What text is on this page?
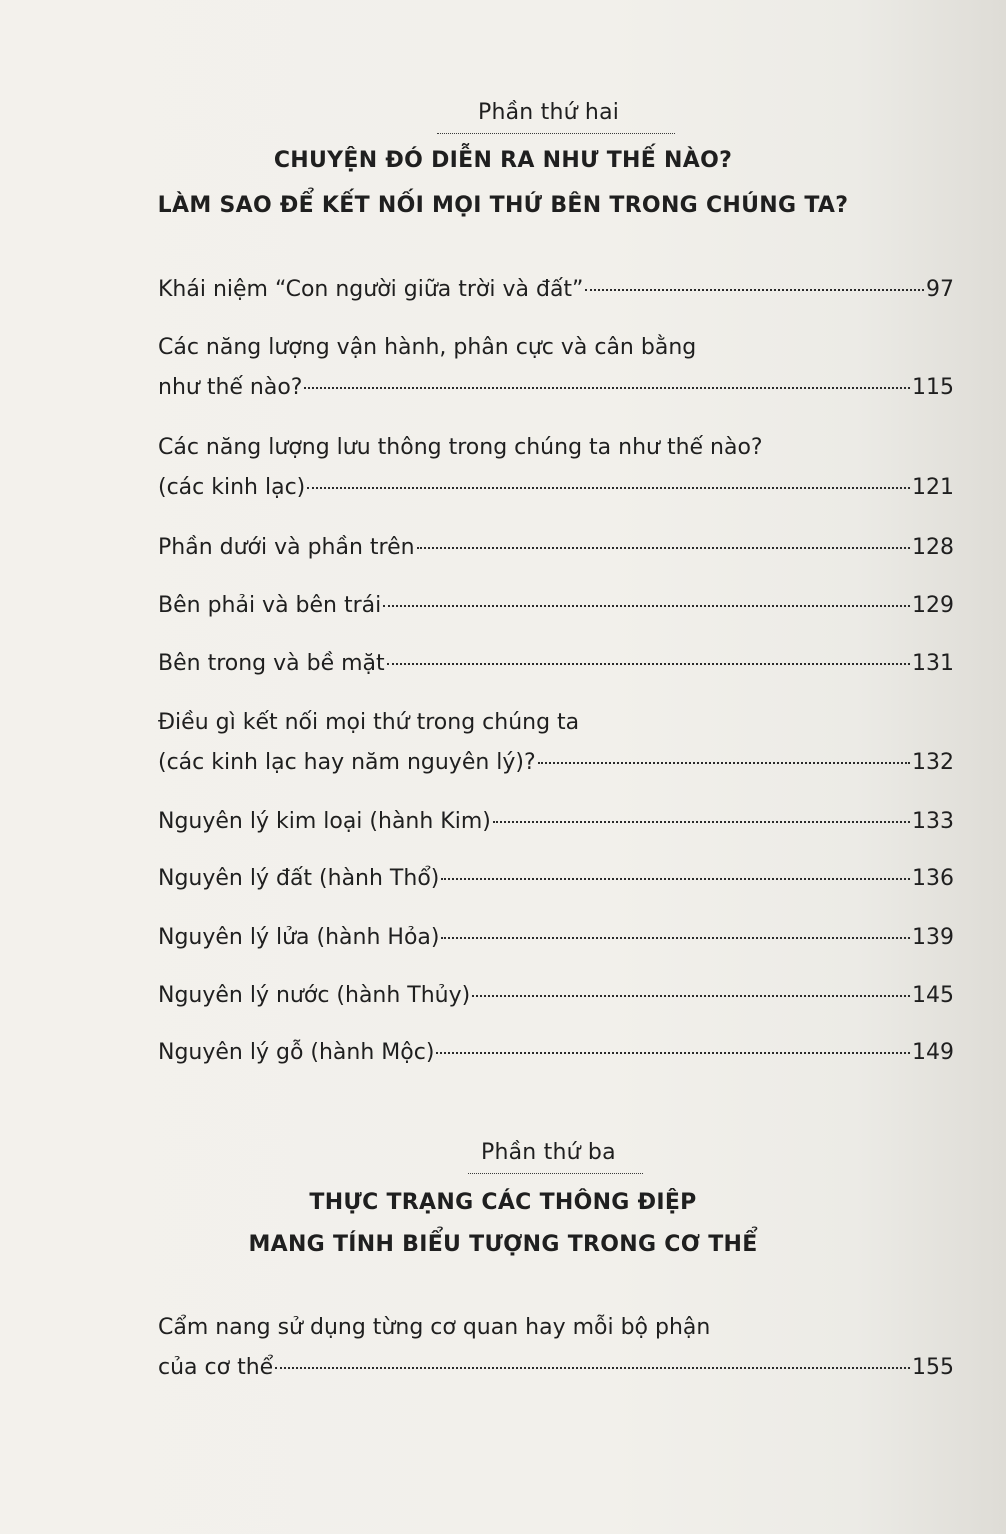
Phần thứ hai
CHUYỆN ĐÓ DIỄN RA NHƯ THẾ NÀO?
LÀM SAO ĐỂ KẾT NỐI MỌI THỨ BÊN TRONG CHÚNG TA?
Khái niệm “Con người giữa trời và đất”	97
Các năng lượng vận hành, phân cực và cân bằng
như thế nào?	115
Các năng lượng lưu thông trong chúng ta như thế nào?
(các kinh lạc)	121
Phần dưới và phần trên	128
Bên phải và bên trái	129
Bên trong và bề mặt	131
Điều gì kết nối mọi thứ trong chúng ta
(các kinh lạc hay năm nguyên lý)?	132
Nguyên lý kim loại (hành Kim)	133
Nguyên lý đất (hành Thổ)	136
Nguyên lý lửa (hành Hỏa)	139
Nguyên lý nước (hành Thủy)	145
Nguyên lý gỗ (hành Mộc)	149
Phần thứ ba
THỰC TRẠNG CÁC THÔNG ĐIỆP
MANG TÍNH BIỂU TƯỢNG TRONG CƠ THỂ
Cẩm nang sử dụng từng cơ quan hay mỗi bộ phận
của cơ thể	155
